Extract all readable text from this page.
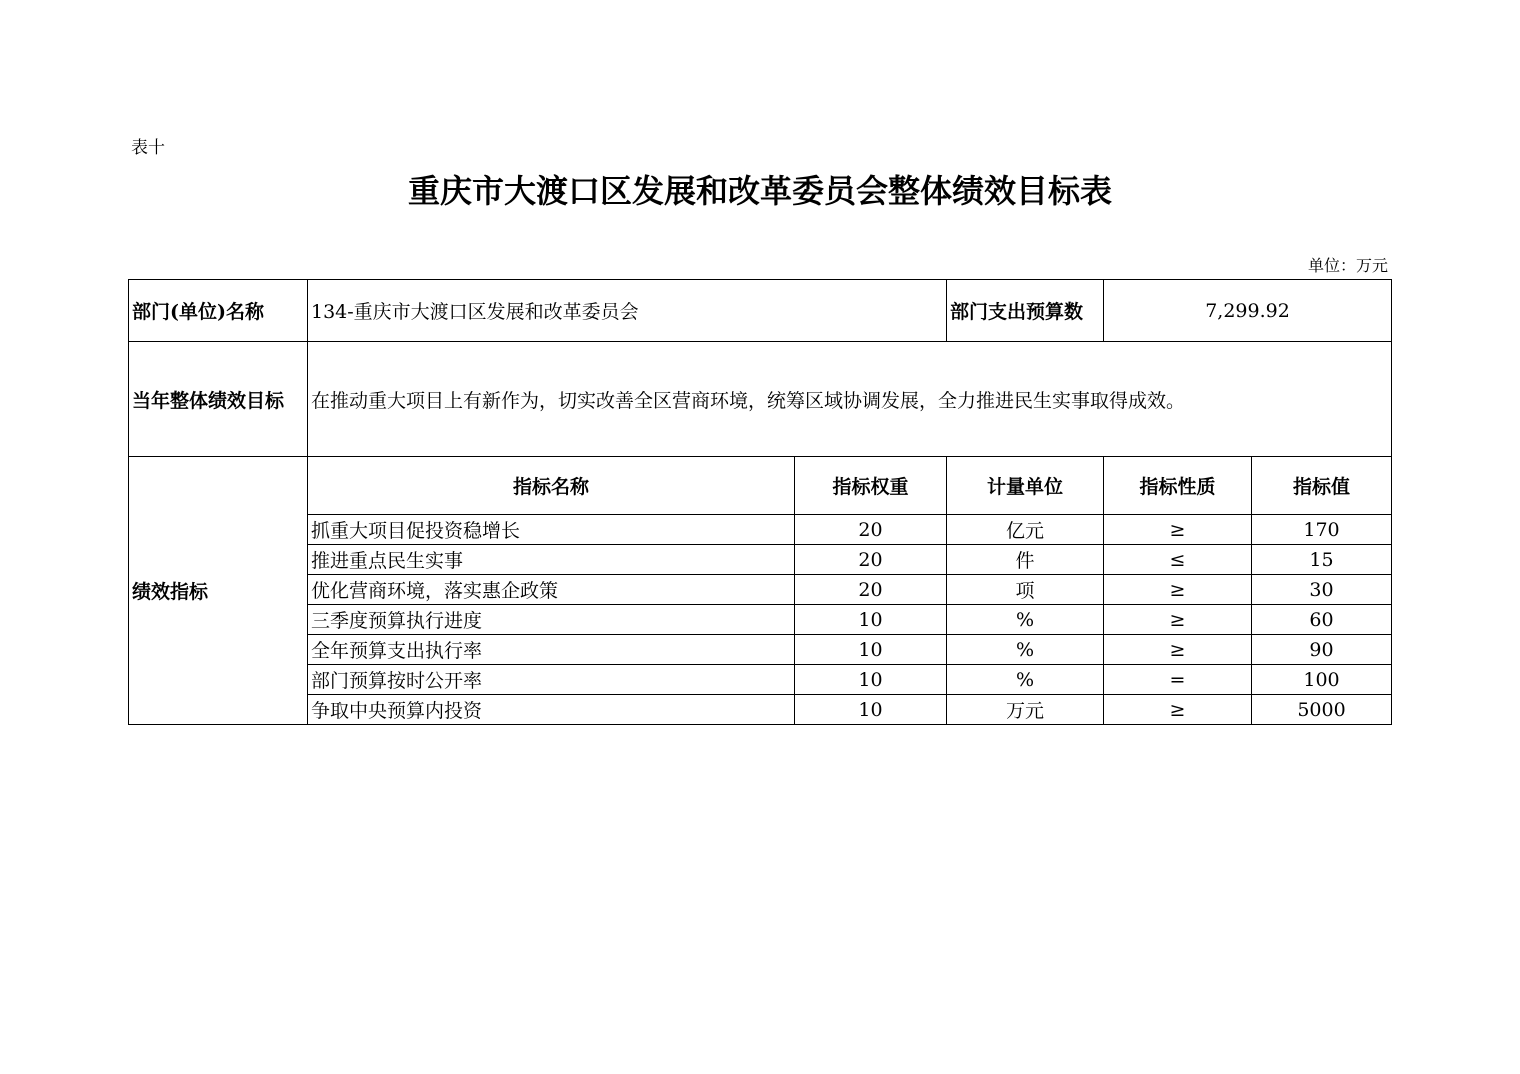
表十
重庆市大渡口区发展和改革委员会整体绩效目标表
单位：万元
部门(单位)名称	134-重庆市大渡口区发展和改革委员会		部门支出预算数	7,299.92	
当年整体绩效目标	在推动重大项目上有新作为，切实改善全区营商环境，统筹区域协调发展，全力推进民生实事取得成效。				
绩效指标	指标名称	指标权重	计量单位	指标性质	指标值
	抓重大项目促投资稳增长	20	亿元	≥	170
	推进重点民生实事	20	件	≤	15
	优化营商环境，落实惠企政策	20	项	≥	30
	三季度预算执行进度	10	%	≥	60
	全年预算支出执行率	10	%	≥	90
	部门预算按时公开率	10	%	=	100
	争取中央预算内投资	10	万元	≥	5000
